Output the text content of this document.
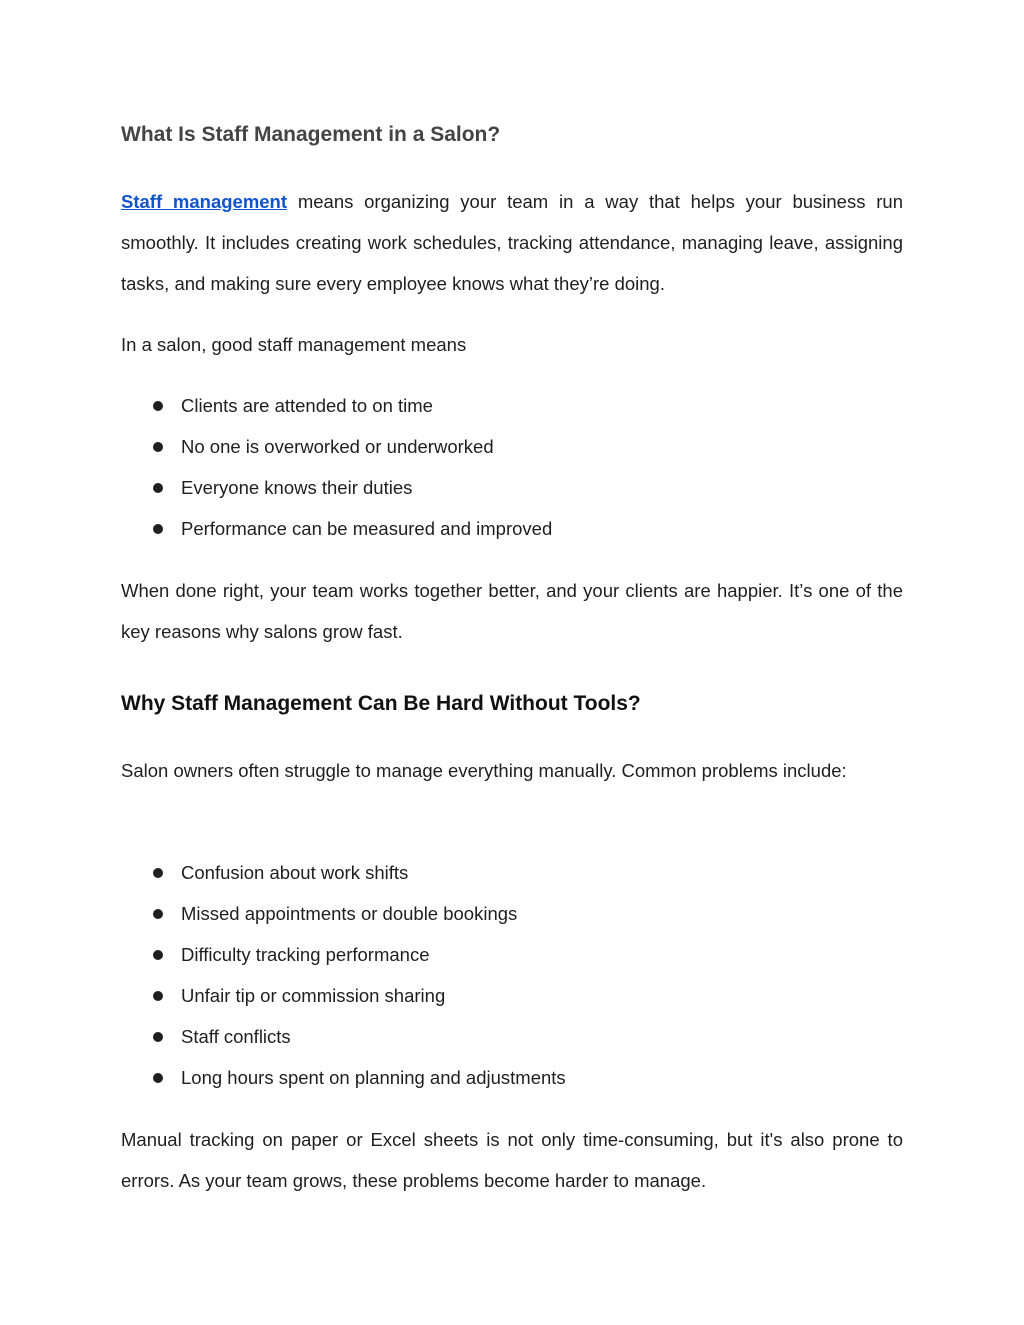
What Is Staff Management in a Salon?

Staff management means organizing your team in a way that helps your business run smoothly. It includes creating work schedules, tracking attendance, managing leave, assigning tasks, and making sure every employee knows what they’re doing.

In a salon, good staff management means

Clients are attended to on time
No one is overworked or underworked
Everyone knows their duties
Performance can be measured and improved

When done right, your team works together better, and your clients are happier. It’s one of the key reasons why salons grow fast.

Why Staff Management Can Be Hard Without Tools?

Salon owners often struggle to manage everything manually. Common problems include:

Confusion about work shifts
Missed appointments or double bookings
Difficulty tracking performance
Unfair tip or commission sharing
Staff conflicts
Long hours spent on planning and adjustments

Manual tracking on paper or Excel sheets is not only time-consuming, but it's also prone to errors. As your team grows, these problems become harder to manage.
